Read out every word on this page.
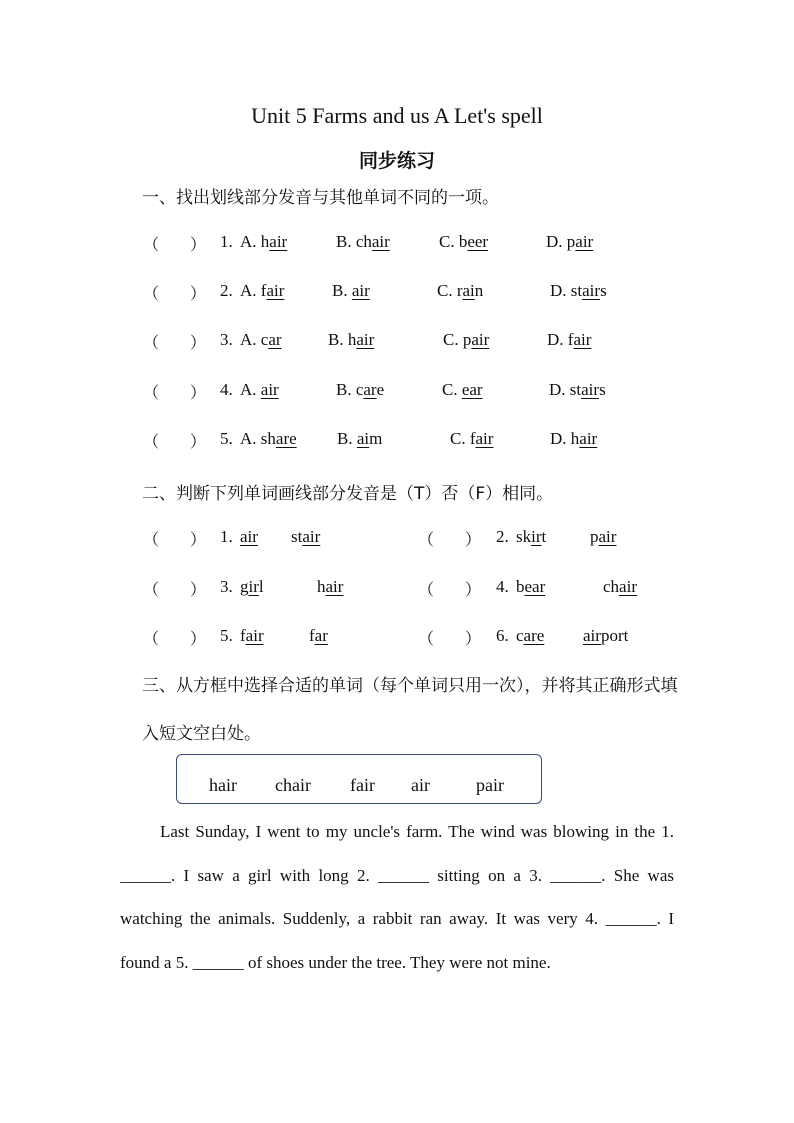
Unit 5 Farms and us A Let's spell
同步练习
一、找出划线部分发音与其他单词不同的一项。
（ ） 1. A. hair	B. chair	C. beer	D. pair
（ ） 2. A. fair	B. air	C. rain	D. stairs
（ ） 3. A. car	B. hair	C. pair	D. fair
（ ） 4. A. air	B. care	C. ear	D. stairs
（ ） 5. A. share B. aim	C. fair	D. hair
二、判断下列单词画线部分发音是（T）否（F）相同。
（ ） 1. air stair	（ ） 2. skirt	pair
（ ） 3. girl	hair	（ ） 4. bear	chair
（ ） 5. fair	far	（ ） 6. care airport
三、从方框中选择合适的单词（每个单词只用一次），并将其正确形式填入短文空白处。
hair chair fair air	pair

Last Sunday, I went to my uncle's farm. The wind was blowing in the 1. ______. I saw a girl with long 2. ______ sitting on a 3. ______. She was watching the animals. Suddenly, a rabbit ran away. It was very 4. ______. I found a 5. ______ of shoes under the tree. They were not mine.
